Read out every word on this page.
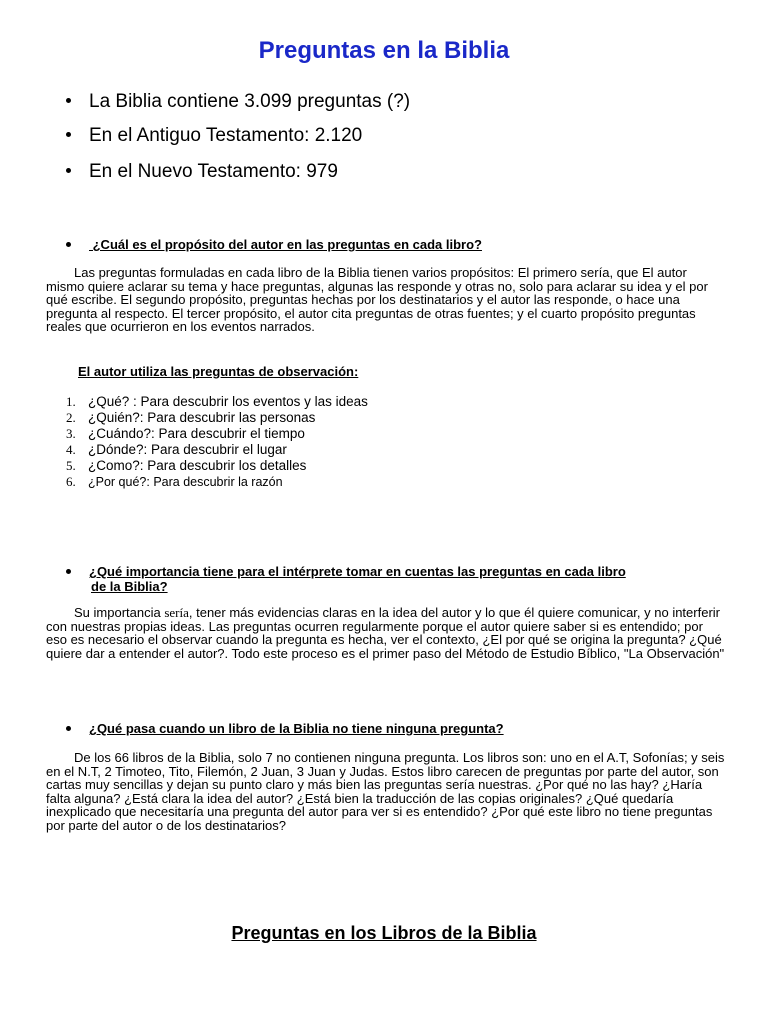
Preguntas en la Biblia
La Biblia contiene 3.099 preguntas (?)
En el Antiguo Testamento: 2.120
En el Nuevo Testamento: 979
¿Cuál es el propósito del autor en las preguntas en cada libro?
Las preguntas formuladas en cada libro de la Biblia tienen varios propósitos: El primero sería, que El autor mismo quiere aclarar su tema y hace preguntas, algunas las responde y otras no, solo para aclarar su idea y el por qué escribe. El segundo propósito, preguntas hechas por los destinatarios y el autor las responde, o hace una pregunta al respecto. El tercer propósito, el autor cita preguntas de otras fuentes; y el cuarto propósito preguntas reales que ocurrieron en los eventos narrados.
El autor utiliza las preguntas de observación:
1. ¿Qué? : Para descubrir los eventos y las ideas
2. ¿Quién?: Para descubrir las personas
3. ¿Cuándo?: Para descubrir el tiempo
4. ¿Dónde?: Para descubrir el lugar
5. ¿Como?: Para descubrir los detalles
6. ¿Por qué?: Para descubrir la razón
¿Qué importancia tiene para el intérprete tomar en cuentas las preguntas en cada libro
de la Biblia?
Su importancia sería, tener más evidencias claras en la idea del autor y lo que él quiere comunicar, y no interferir con nuestras propias ideas. Las preguntas ocurren regularmente porque el autor quiere saber si es entendido; por eso es necesario el observar cuando la pregunta es hecha, ver el contexto, ¿El por qué se origina la pregunta? ¿Qué quiere dar a entender el autor?. Todo este proceso es el primer paso del Método de Estudio Bíblico, "La Observación"
¿Qué pasa cuando un libro de la Biblia no tiene ninguna pregunta?
De los 66 libros de la Biblia, solo 7 no contienen ninguna pregunta. Los libros son: uno en el A.T, Sofonías; y seis en el N.T, 2 Timoteo, Tito, Filemón, 2 Juan, 3 Juan y Judas. Estos libro carecen de preguntas por parte del autor, son cartas muy sencillas y dejan su punto claro y más bien las preguntas sería nuestras. ¿Por qué no las hay? ¿Haría falta alguna? ¿Está clara la idea del autor? ¿Está bien la traducción de las copias originales? ¿Qué quedaría inexplicado que necesitaría una pregunta del autor para ver si es entendido? ¿Por qué este libro no tiene preguntas por parte del autor o de los destinatarios?
Preguntas en los Libros de la Biblia
